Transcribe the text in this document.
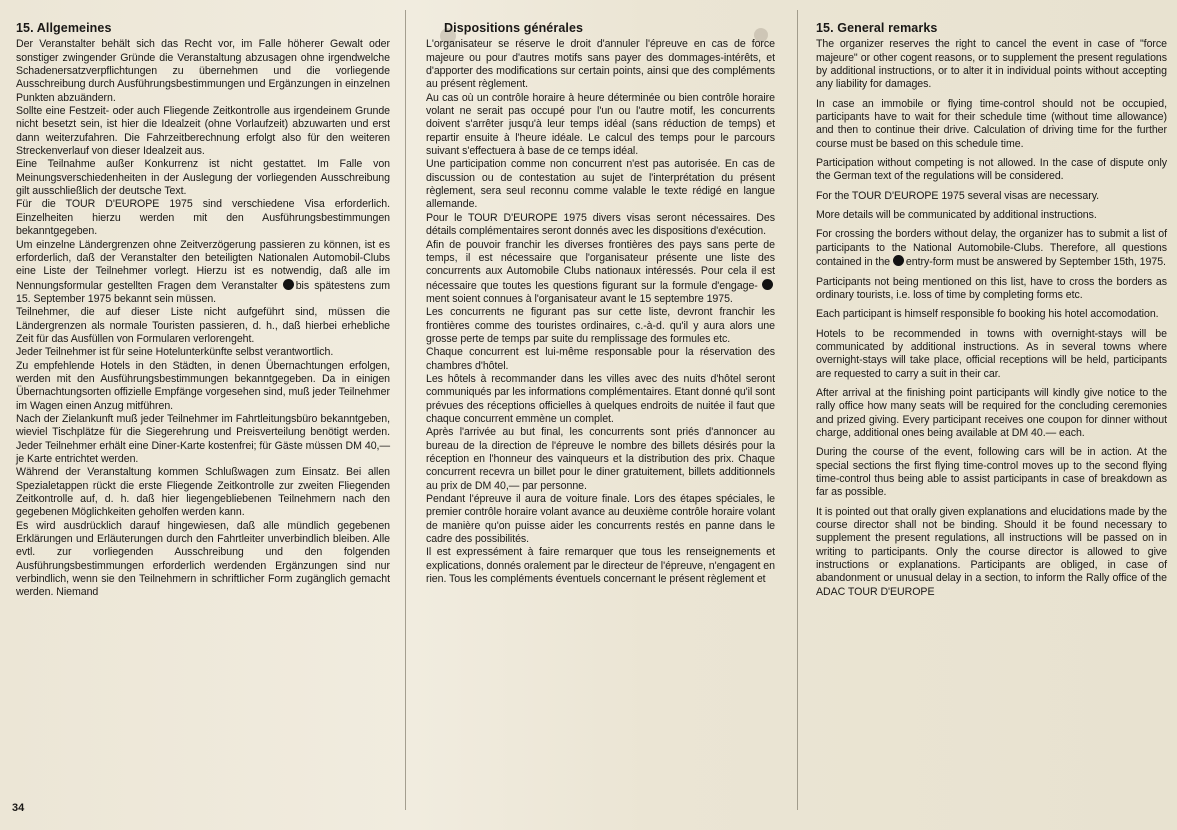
15. Allgemeines

Der Veranstalter behält sich das Recht vor, im Falle höherer Gewalt oder sonstiger zwingender Gründe die Veranstaltung abzusagen ohne irgendwelche Schadenersatzverpflichtungen zu übernehmen und die vorliegende Ausschreibung durch Ausführungsbestimmungen und Ergänzungen in einzelnen Punkten abzuändern.

Sollte eine Festzeit- oder auch Fliegende Zeitkontrolle aus irgendeinem Grunde nicht besetzt sein, ist hier die Idealzeit (ohne Vorlaufzeit) abzuwarten und erst dann weiterzufahren. Die Fahrzeitberechnung erfolgt also für den weiteren Streckenverlauf von dieser Idealzeit aus.

Eine Teilnahme außer Konkurrenz ist nicht gestattet. Im Falle von Meinungsverschiedenheiten in der Auslegung der vorliegenden Ausschreibung gilt ausschließlich der deutsche Text.

Für die TOUR D'EUROPE 1975 sind verschiedene Visa erforderlich. Einzelheiten hierzu werden mit den Ausführungsbestimmungen bekanntgegeben.

Um einzelne Ländergrenzen ohne Zeitverzögerung passieren zu können, ist es erforderlich, daß der Veranstalter den beteiligten Nationalen Automobil-Clubs eine Liste der Teilnehmer vorlegt. Hierzu ist es notwendig, daß alle im Nennungsformular gestellten Fragen dem Veranstalter bis spätestens zum 15. September 1975 bekannt sein müssen.

Teilnehmer, die auf dieser Liste nicht aufgeführt sind, müssen die Ländergrenzen als normale Touristen passieren, d. h., daß hierbei erhebliche Zeit für das Ausfüllen von Formularen verlorengeht.

Jeder Teilnehmer ist für seine Hotelunterkünfte selbst verantwortlich.

Zu empfehlende Hotels in den Städten, in denen Übernachtungen erfolgen, werden mit den Ausführungsbestimmungen bekanntgegeben. Da in einigen Übernachtungsorten offizielle Empfänge vorgesehen sind, muß jeder Teilnehmer im Wagen einen Anzug mitführen.

Nach der Zielankunft muß jeder Teilnehmer im Fahrtleitungsbüro bekanntgeben, wieviel Tischplätze für die Siegerehrung und Preisverteilung benötigt werden. Jeder Teilnehmer erhält eine Diner-Karte kostenfrei; für Gäste müssen DM 40,— je Karte entrichtet werden.

Während der Veranstaltung kommen Schlußwagen zum Einsatz. Bei allen Spezialetappen rückt die erste Fliegende Zeitkontrolle zur zweiten Fliegenden Zeitkontrolle auf, d. h. daß hier liegengebliebenen Teilnehmern nach den gegebenen Möglichkeiten geholfen werden kann.

Es wird ausdrücklich darauf hingewiesen, daß alle mündlich gegebenen Erklärungen und Erläuterungen durch den Fahrtleiter unverbindlich bleiben. Alle evtl. zur vorliegenden Ausschreibung und den folgenden Ausführungsbestimmungen erforderlich werdenden Ergänzungen sind nur verbindlich, wenn sie den Teilnehmern in schriftlicher Form zugänglich gemacht werden. Niemand

Dispositions générales

L'organisateur se réserve le droit d'annuler l'épreuve en cas de force majeure ou pour d'autres motifs sans payer des dommages-intérêts, et d'apporter des modifications sur certain points, ainsi que des compléments au présent règlement.

Au cas où un contrôle horaire à heure déterminée ou bien contrôle horaire volant ne serait pas occupé pour l'un ou l'autre motif, les concurrents doivent s'arrêter jusqu'à leur temps idéal (sans réduction de temps) et repartir ensuite à l'heure idéale. Le calcul des temps pour le parcours suivant s'effectuera à base de ce temps idéal.

Une participation comme non concurrent n'est pas autorisée. En cas de discussion ou de contestation au sujet de l'interprétation du présent règlement, sera seul reconnu comme valable le texte rédigé en langue allemande.

Pour le TOUR D'EUROPE 1975 divers visas seront nécessaires. Des détails complémentaires seront donnés avec les dispositions d'exécution.

Afin de pouvoir franchir les diverses frontières des pays sans perte de temps, il est nécessaire que l'organisateur présente une liste des concurrents aux Automobile Clubs nationaux intéressés. Pour cela il est nécessaire que toutes les questions figurant sur la formule d'engage- ment soient connues à l'organisateur avant le 15 septembre 1975.

Les concurrents ne figurant pas sur cette liste, devront franchir les frontières comme des touristes ordinaires, c.-à-d. qu'il y aura alors une grosse perte de temps par suite du remplissage des formules etc.

Chaque concurrent est lui-même responsable pour la réservation des chambres d'hôtel.

Les hôtels à recommander dans les villes avec des nuits d'hôtel seront communiqués par les informations complémentaires. Etant donné qu'il sont prévues des réceptions officielles à quelques endroits de nuitée il faut que chaque concurrent emmène un complet.

Après l'arrivée au but final, les concurrents sont priés d'annoncer au bureau de la direction de l'épreuve le nombre des billets désirés pour la réception en l'honneur des vainqueurs et la distribution des prix. Chaque concurrent recevra un billet pour le diner gratuitement, billets additionnels au prix de DM 40,— par personne.

Pendant l'épreuve il aura de voiture finale. Lors des étapes spéciales, le premier contrôle horaire volant avance au deuxième contrôle horaire volant de manière qu'on puisse aider les concurrents restés en panne dans le cadre des possibilités.

Il est expressément à faire remarquer que tous les renseignements et explications, donnés oralement par le directeur de l'épreuve, n'engagent en rien. Tous les compléments éventuels concernant le présent règlement et

15. General remarks

The organizer reserves the right to cancel the event in case of "force majeure" or other cogent reasons, or to supplement the present regulations by additional instructions, or to alter it in individual points without accepting any liability for damages.

In case an immobile or flying time-control should not be occupied, participants have to wait for their schedule time (without time allowance) and then to continue their drive. Calculation of driving time for the further course must be based on this schedule time.

Participation without competing is not allowed. In the case of dispute only the German text of the regulations will be considered.

For the TOUR D'EUROPE 1975 several visas are necessary.

More details will be communicated by additional instructions.

For crossing the borders without delay, the organizer has to submit a list of participants to the National Automobile-Clubs. Therefore, all questions contained in the entry-form must be answered by September 15th, 1975.

Participants not being mentioned on this list, have to cross the borders as ordinary tourists, i.e. loss of time by completing forms etc.

Each participant is himself responsible fo booking his hotel accomodation.

Hotels to be recommended in towns with overnight-stays will be communicated by additional instructions. As in several towns where overnight-stays will take place, official receptions will be held, participants are requested to carry a suit in their car.

After arrival at the finishing point participants will kindly give notice to the rally office how many seats will be required for the concluding ceremonies and prized giving. Every participant receives one coupon for dinner without charge, additional ones being available at DM 40.— each.

During the course of the event, following cars will be in action. At the special sections the first flying time-control moves up to the second flying time-control thus being able to assist participants in case of breakdown as far as possible.

It is pointed out that orally given explanations and elucidations made by the course director shall not be binding. Should it be found necessary to supplement the present regulations, all instructions will be passed on in writing to participants. Only the course director is allowed to give instructions or explanations. Participants are obliged, in case of abandonment or unusual delay in a section, to inform the Rally office of the ADAC TOUR D'EUROPE

34
